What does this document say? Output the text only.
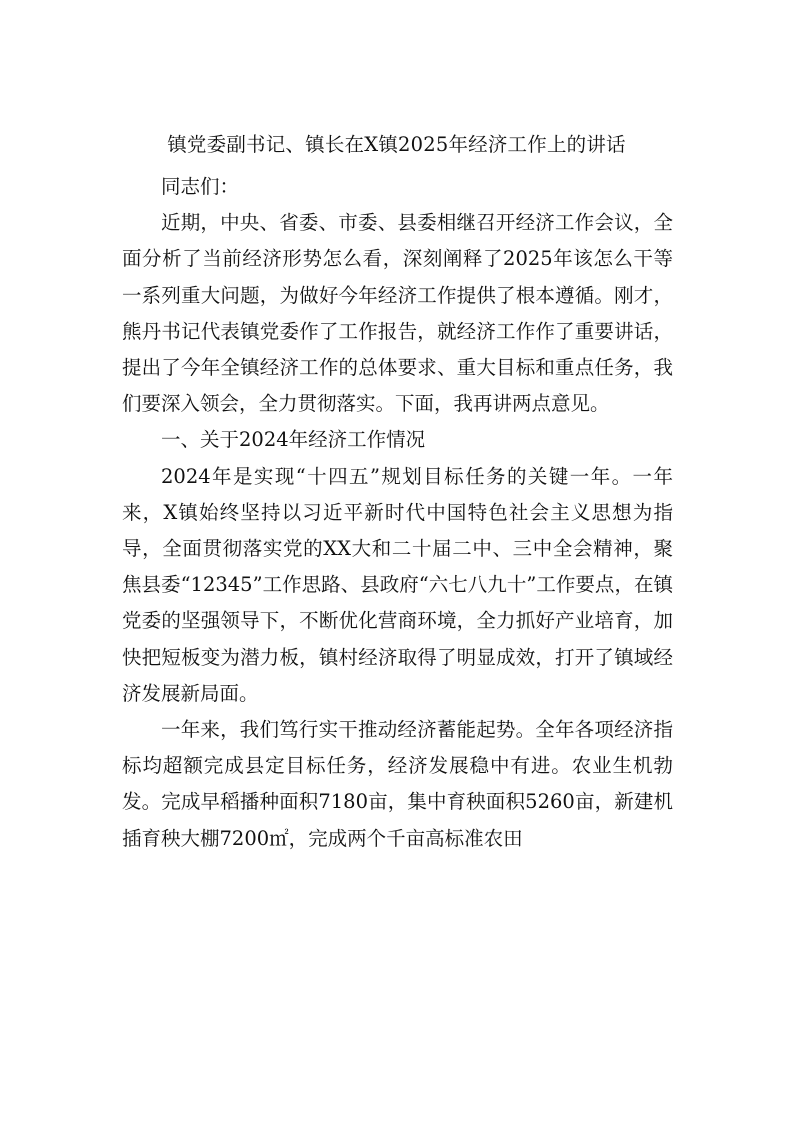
镇党委副书记、镇长在X镇2025年经济工作上的讲话

同志们：

近期，中央、省委、市委、县委相继召开经济工作会议，全面分析了当前经济形势怎么看，深刻阐释了2025年该怎么干等一系列重大问题，为做好今年经济工作提供了根本遵循。刚才，熊丹书记代表镇党委作了工作报告，就经济工作作了重要讲话，提出了今年全镇经济工作的总体要求、重大目标和重点任务，我们要深入领会，全力贯彻落实。下面，我再讲两点意见。

一、关于2024年经济工作情况

2024年是实现“十四五”规划目标任务的关键一年。一年来，X镇始终坚持以习近平新时代中国特色社会主义思想为指导，全面贯彻落实党的XX大和二十届二中、三中全会精神，聚焦县委“12345”工作思路、县政府“六七八九十”工作要点，在镇党委的坚强领导下，不断优化营商环境，全力抓好产业培育，加快把短板变为潜力板，镇村经济取得了明显成效，打开了镇域经济发展新局面。

一年来，我们笃行实干推动经济蓄能起势。全年各项经济指标均超额完成县定目标任务，经济发展稳中有进。农业生机勃发。完成早稻播种面积7180亩，集中育秧面积5260亩，新建机插育秧大棚7200㎡，完成两个千亩高标准农田
